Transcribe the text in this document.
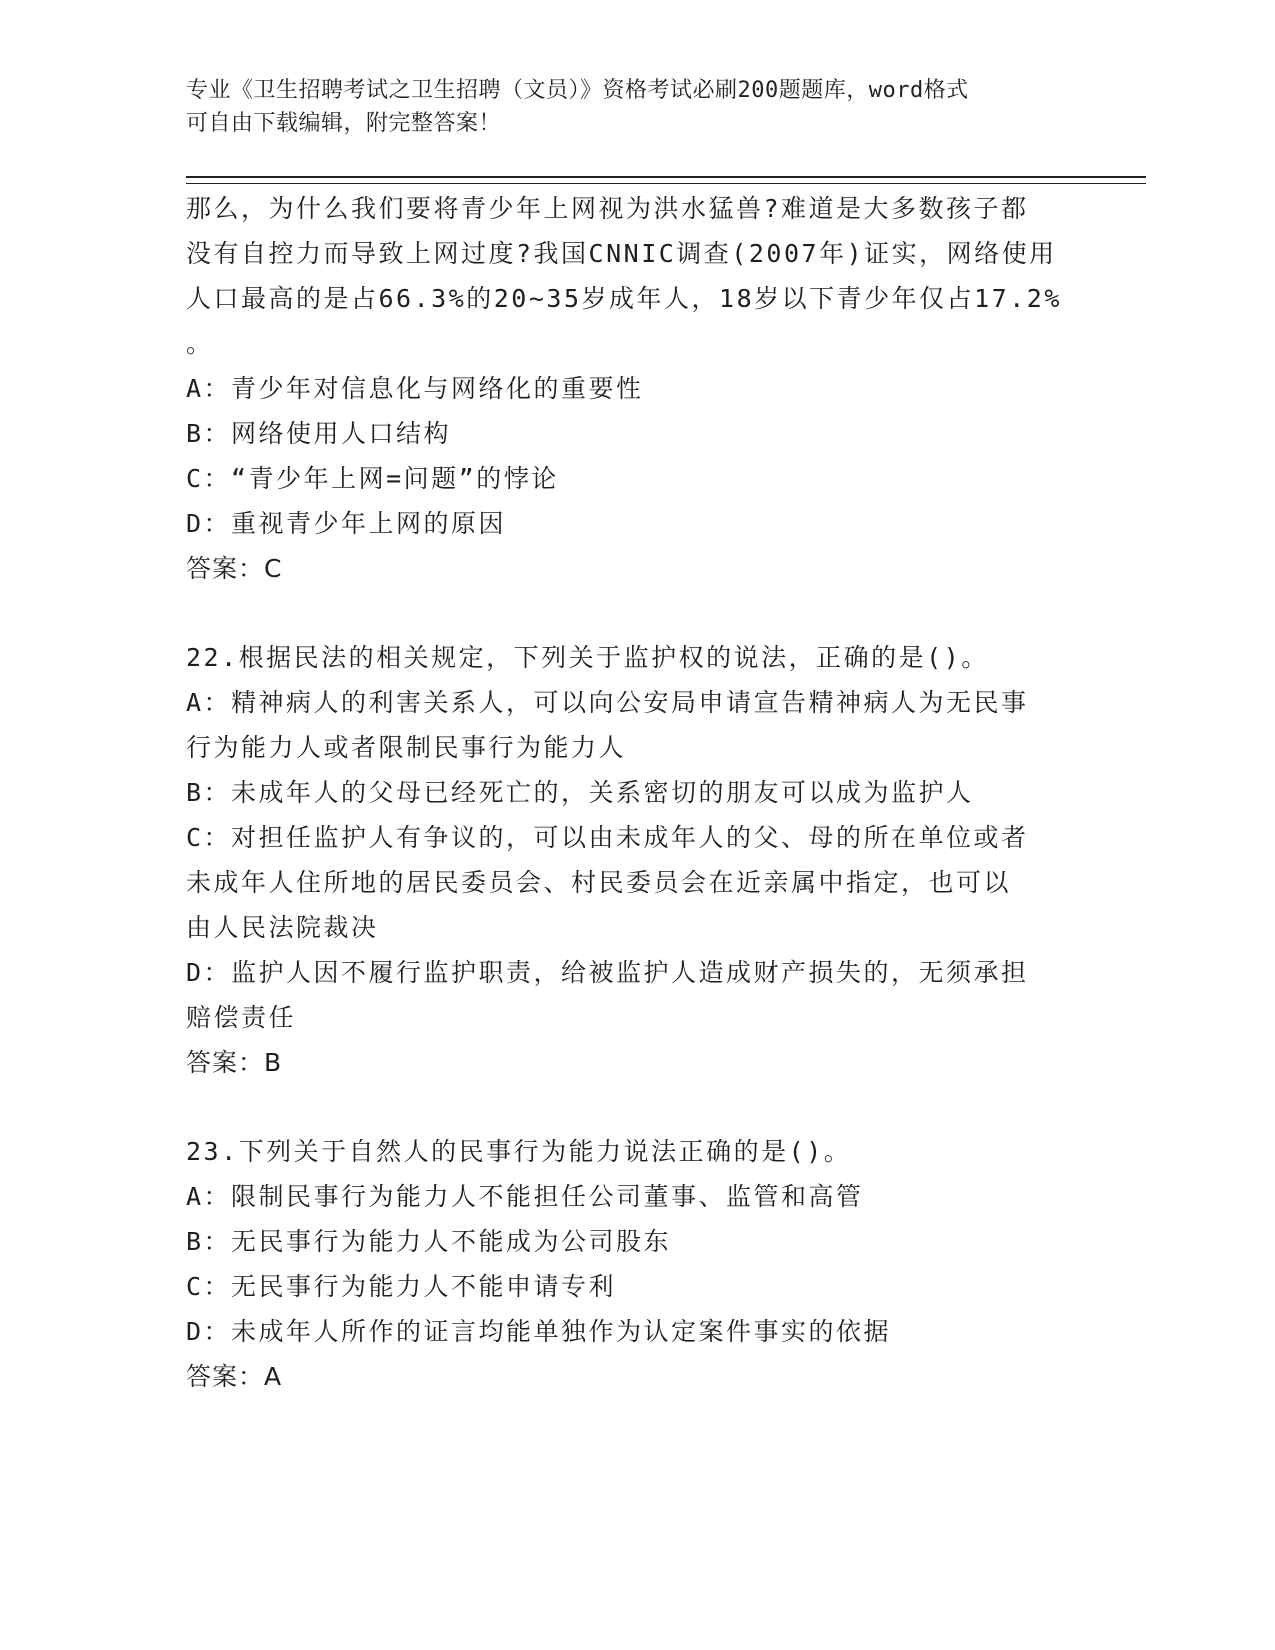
专业《卫生招聘考试之卫生招聘（文员）》资格考试必刷200题题库，word格式
可自由下载编辑，附完整答案！
那么，为什么我们要将青少年上网视为洪水猛兽?难道是大多数孩子都
没有自控力而导致上网过度?我国CNNIC调查(2007年)证实，网络使用
人口最高的是占66.3%的20~35岁成年人，18岁以下青少年仅占17.2%
。
A：青少年对信息化与网络化的重要性
B：网络使用人口结构
C：“青少年上网=问题”的悖论
D：重视青少年上网的原因
答案：C
22.根据民法的相关规定，下列关于监护权的说法，正确的是()。
A：精神病人的利害关系人，可以向公安局申请宣告精神病人为无民事
行为能力人或者限制民事行为能力人
B：未成年人的父母已经死亡的，关系密切的朋友可以成为监护人
C：对担任监护人有争议的，可以由未成年人的父、母的所在单位或者
未成年人住所地的居民委员会、村民委员会在近亲属中指定，也可以
由人民法院裁决
D：监护人因不履行监护职责，给被监护人造成财产损失的，无须承担
赔偿责任
答案：B
23.下列关于自然人的民事行为能力说法正确的是()。
A：限制民事行为能力人不能担任公司董事、监管和高管
B：无民事行为能力人不能成为公司股东
C：无民事行为能力人不能申请专利
D：未成年人所作的证言均能单独作为认定案件事实的依据
答案：A
